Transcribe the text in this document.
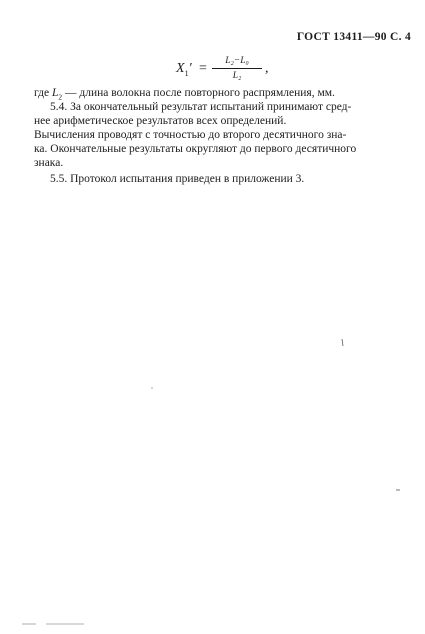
ГОСТ 13411—90 С. 4
$X_1'$ =	L₂−L₀
L₂	,
где $L_2$ — длина волокна после повторного распрямления, мм.
5.4. За окончательный результат испытаний принимают сред-
нее арифметическое результатов всех определений.
Вычисления проводят с точностью до второго десятичного зна-
ка. Окончательные результаты округляют до первого десятичного
знака.
5.5. Протокол испытания приведен в приложении 3.
